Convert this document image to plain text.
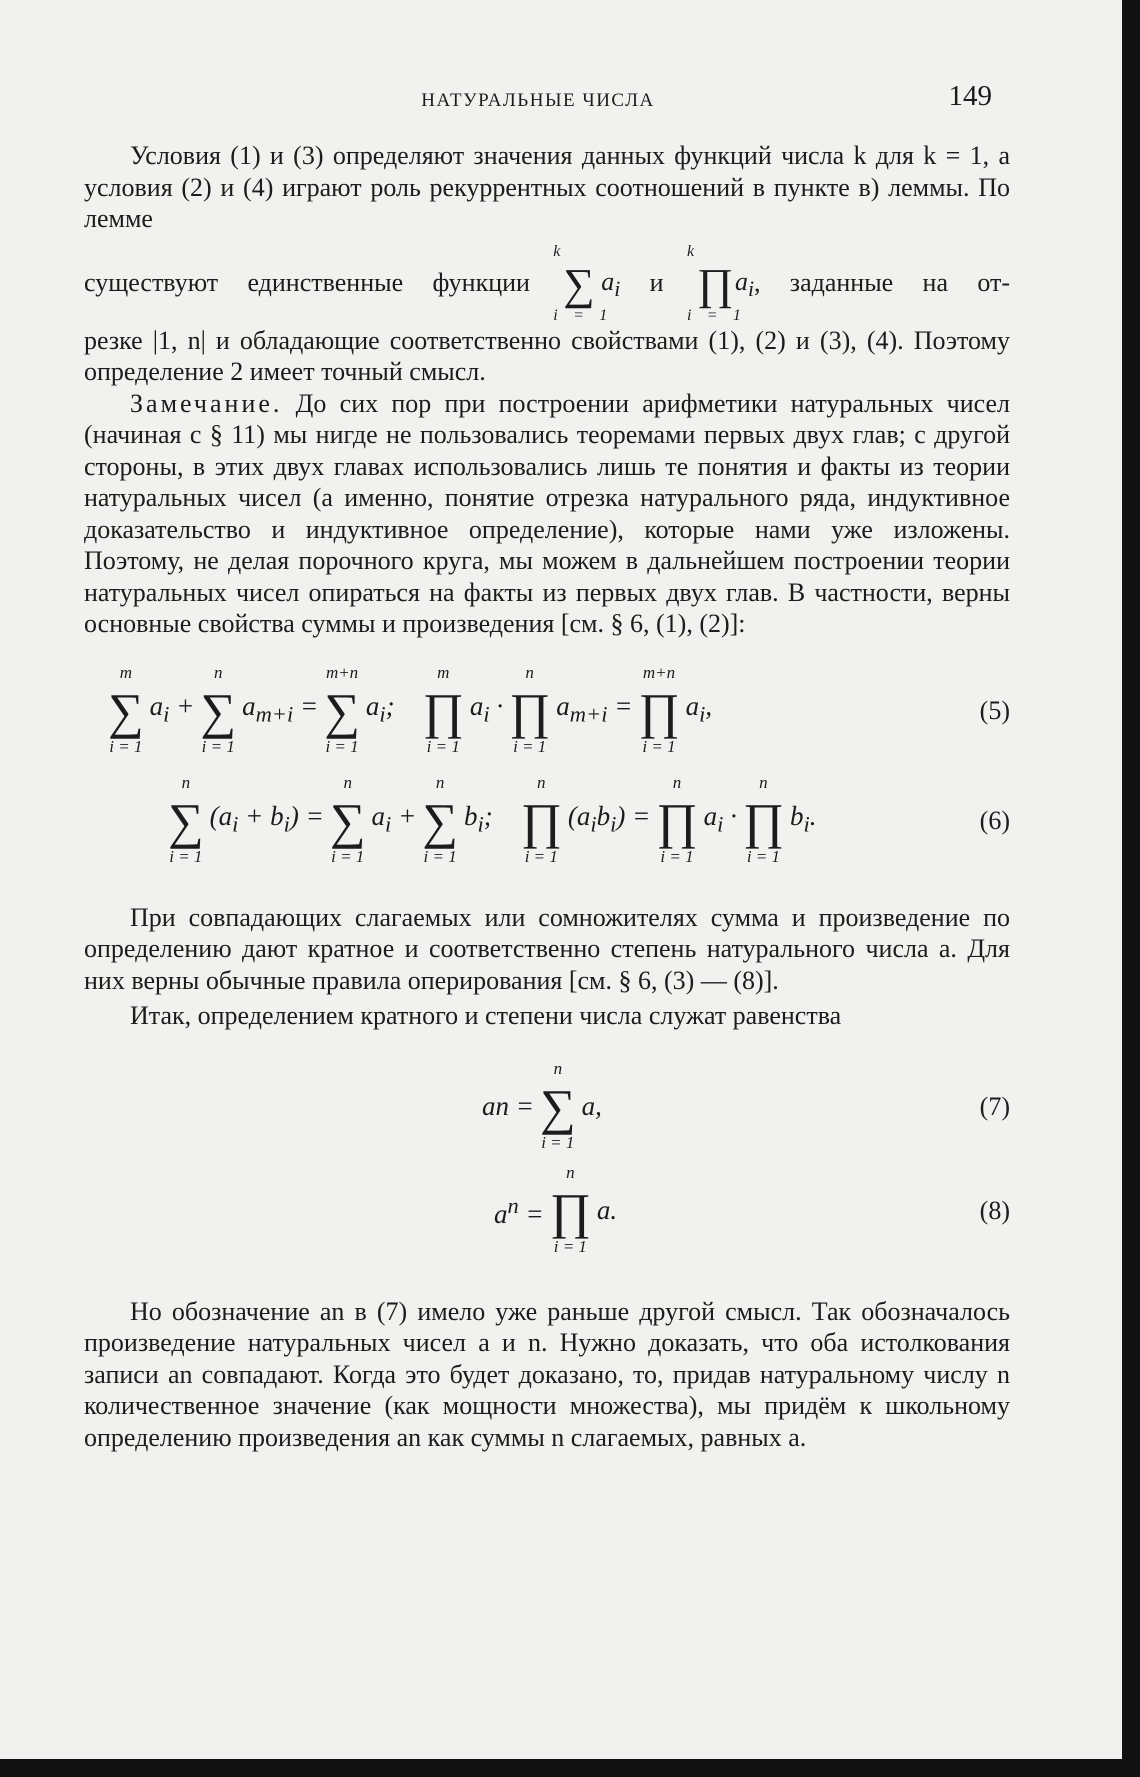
НАТУРАЛЬНЫЕ ЧИСЛА	149

Условия (1) и (3) определяют значения данных функций числа k для k = 1, а условия (2) и (4) играют роль рекуррентных соотношений в пункте в) леммы. По лемме

существуют единственные функции
k
∑
i = 1
$a_i$ и
k
∏
i = 1
$a_i$, заданные на от-

резке |1, n| и обладающие соответственно свойствами (1), (2) и (3), (4). Поэтому определение 2 имеет точный смысл.

Замечание. До сих пор при построении арифметики натуральных чисел (начиная с § 11) мы нигде не пользовались теоремами первых двух глав; с другой стороны, в этих двух главах использовались лишь те понятия и факты из теории натуральных чисел (а именно, понятие отрезка натурального ряда, индуктивное доказательство и индуктивное определение), которые нами уже изложены. Поэтому, не делая порочного круга, мы можем в дальнейшем построении теории натуральных чисел опираться на факты из первых двух глав. В частности, верны основные свойства суммы и произведения [см. § 6, (1), (2)]:

m
∑
i = 1
$a_i$ +
n
∑
i = 1
$a_{m+i}$ =
m+n
∑
i = 1
$a_i$;
m
∏
i = 1
$a_i$ ·
n
∏
i = 1
$a_{m+i}$ =
m+n
∏
i = 1
$a_i$,	(5)
n
∑
i = 1
$(a_i + b_i)$ =
n
∑
i = 1
$a_i$ +
n
∑
i = 1
$b_i$;
n
∏
i = 1
$(a_ib_i)$ =
n
∏
i = 1
$a_i$ ·
n
∏
i = 1
$b_i$.	(6)

При совпадающих слагаемых или сомножителях сумма и произведение по определению дают кратное и соответственно степень натурального числа a. Для них верны обычные правила оперирования [см. § 6, (3) — (8)].

Итак, определением кратного и степени числа служат равенства

an =
n
∑
i = 1
a,	(7)
$a^n$ =
n
∏
i = 1
a.	(8)

Но обозначение an в (7) имело уже раньше другой смысл. Так обозначалось произведение натуральных чисел a и n. Нужно доказать, что оба истолкования записи an совпадают. Когда это будет доказано, то, придав натуральному числу n количественное значение (как мощности множества), мы придём к школьному определению произведения an как суммы n слагаемых, равных a.
